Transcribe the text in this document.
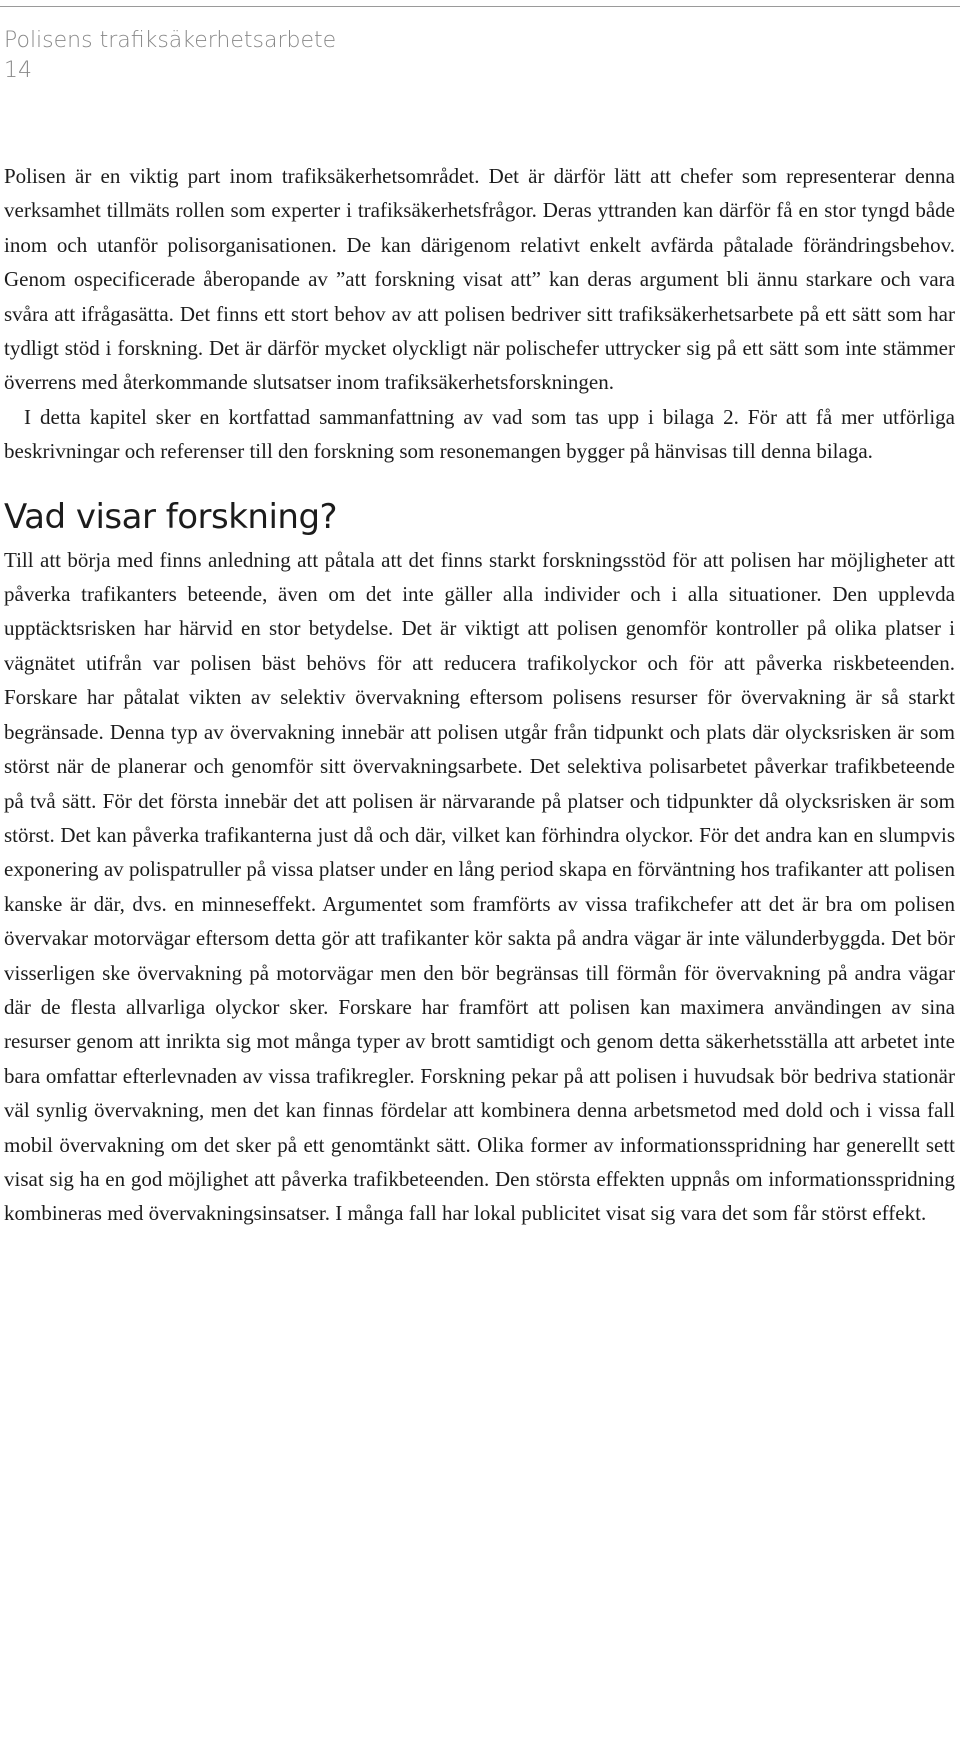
Polisens trafiksäkerhetsarbete
14

Polisen är en viktig part inom trafiksäkerhetsområdet. Det är därför lätt att chefer som representerar denna verksamhet tillmäts rollen som experter i trafiksäkerhetsfrågor. Deras yttranden kan därför få en stor tyngd både inom och utanför polisorganisationen. De kan därigenom relativt enkelt avfärda påtalade förändringsbehov. Genom ospecificerade åberopande av ”att forskning visat att” kan deras argument bli ännu starkare och vara svåra att ifrågasätta. Det finns ett stort behov av att polisen bedriver sitt trafiksäkerhetsarbete på ett sätt som har tydligt stöd i forskning. Det är därför mycket olyckligt när polischefer uttrycker sig på ett sätt som inte stämmer överrens med återkommande slutsatser inom trafiksäkerhetsforskningen.

I detta kapitel sker en kortfattad sammanfattning av vad som tas upp i bilaga 2. För att få mer utförliga beskrivningar och referenser till den forskning som resonemangen bygger på hänvisas till denna bilaga.

Vad visar forskning?

Till att börja med finns anledning att påtala att det finns starkt forskningsstöd för att polisen har möjligheter att påverka trafikanters beteende, även om det inte gäller alla individer och i alla situationer. Den upplevda upptäcktsrisken har härvid en stor betydelse. Det är viktigt att polisen genomför kontroller på olika platser i vägnätet utifrån var polisen bäst behövs för att reducera trafikolyckor och för att påverka riskbeteenden. Forskare har påtalat vikten av selektiv övervakning eftersom polisens resurser för övervakning är så starkt begränsade. Denna typ av övervakning innebär att polisen utgår från tidpunkt och plats där olycksrisken är som störst när de planerar och genomför sitt övervakningsarbete. Det selektiva polisarbetet påverkar trafikbeteende på två sätt. För det första innebär det att polisen är närvarande på platser och tidpunkter då olycksrisken är som störst. Det kan påverka trafikanterna just då och där, vilket kan förhindra olyckor. För det andra kan en slumpvis exponering av polispatruller på vissa platser under en lång period skapa en förväntning hos trafikanter att polisen kanske är där, dvs. en minneseffekt. Argumentet som framförts av vissa trafikchefer att det är bra om polisen övervakar motorvägar eftersom detta gör att trafikanter kör sakta på andra vägar är inte välunderbyggda. Det bör visserligen ske övervakning på motorvägar men den bör begränsas till förmån för övervakning på andra vägar där de flesta allvarliga olyckor sker. Forskare har framfört att polisen kan maximera användingen av sina resurser genom att inrikta sig mot många typer av brott samtidigt och genom detta säkerhetsställa att arbetet inte bara omfattar efterlevnaden av vissa trafikregler. Forskning pekar på att polisen i huvudsak bör bedriva stationär väl synlig övervakning, men det kan finnas fördelar att kombinera denna arbetsmetod med dold och i vissa fall mobil övervakning om det sker på ett genomtänkt sätt. Olika former av informationsspridning har generellt sett visat sig ha en god möjlighet att påverka trafikbeteenden. Den största effekten uppnås om informationsspridning kombineras med övervakningsinsatser. I många fall har lokal publicitet visat sig vara det som får störst effekt.
